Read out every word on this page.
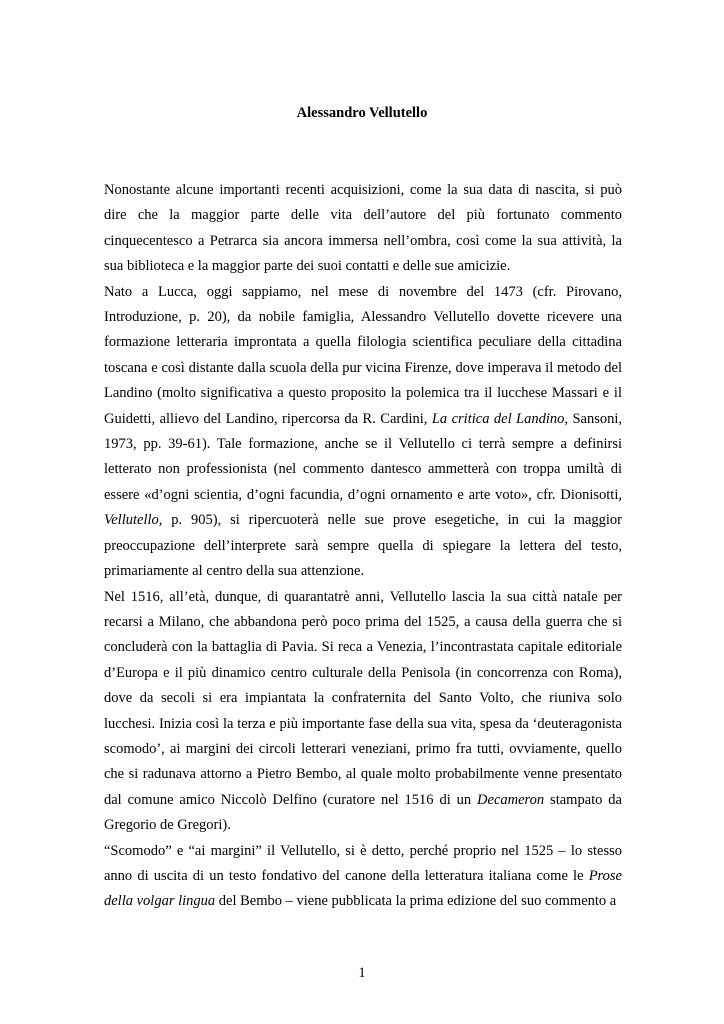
Alessandro Vellutello

Nonostante alcune importanti recenti acquisizioni, come la sua data di nascita, si può dire che la maggior parte delle vita dell’autore del più fortunato commento cinquecentesco a Petrarca sia ancora immersa nell’ombra, così come la sua attività, la sua biblioteca e la maggior parte dei suoi contatti e delle sue amicizie.

Nato a Lucca, oggi sappiamo, nel mese di novembre del 1473 (cfr. Pirovano, Introduzione, p. 20), da nobile famiglia, Alessandro Vellutello dovette ricevere una formazione letteraria improntata a quella filologia scientifica peculiare della cittadina toscana e così distante dalla scuola della pur vicina Firenze, dove imperava il metodo del Landino (molto significativa a questo proposito la polemica tra il lucchese Massari e il Guidetti, allievo del Landino, ripercorsa da R. Cardini, La critica del Landino, Sansoni, 1973, pp. 39-61). Tale formazione, anche se il Vellutello ci terrà sempre a definirsi letterato non professionista (nel commento dantesco ammetterà con troppa umiltà di essere «d’ogni scientia, d’ogni facundia, d’ogni ornamento e arte voto», cfr. Dionisotti, Vellutello, p. 905), si ripercuoterà nelle sue prove esegetiche, in cui la maggior preoccupazione dell’interprete sarà sempre quella di spiegare la lettera del testo, primariamente al centro della sua attenzione.

Nel 1516, all’età, dunque, di quarantatrè anni, Vellutello lascia la sua città natale per recarsi a Milano, che abbandona però poco prima del 1525, a causa della guerra che si concluderà con la battaglia di Pavia. Si reca a Venezia, l’incontrastata capitale editoriale d’Europa e il più dinamico centro culturale della Penisola (in concorrenza con Roma), dove da secoli si era impiantata la confraternita del Santo Volto, che riuniva solo lucchesi. Inizia così la terza e più importante fase della sua vita, spesa da ‘deuteragonista scomodo’, ai margini dei circoli letterari veneziani, primo fra tutti, ovviamente, quello che si radunava attorno a Pietro Bembo, al quale molto probabilmente venne presentato dal comune amico Niccolò Delfino (curatore nel 1516 di un Decameron stampato da Gregorio de Gregori).

“Scomodo” e “ai margini” il Vellutello, si è detto, perché proprio nel 1525 – lo stesso anno di uscita di un testo fondativo del canone della letteratura italiana come le Prose della volgar lingua del Bembo – viene pubblicata la prima edizione del suo commento a

1
